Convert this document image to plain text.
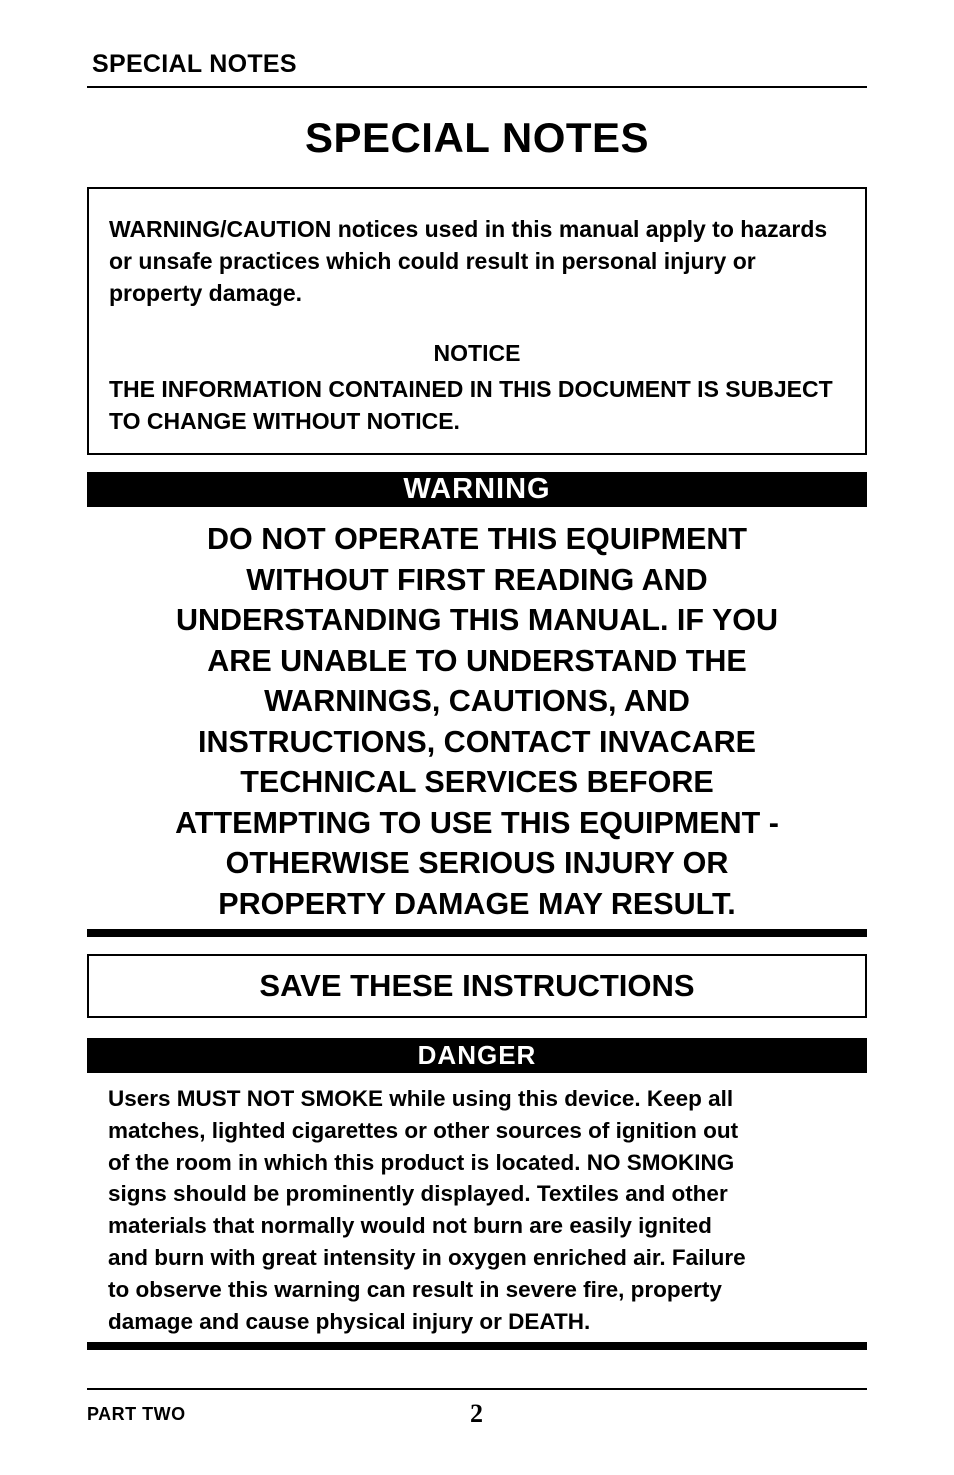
SPECIAL NOTES
SPECIAL NOTES
WARNING/CAUTION notices used in this manual apply to hazards or unsafe practices which could result in personal injury or property damage.
NOTICE
THE INFORMATION CONTAINED IN THIS DOCUMENT IS SUBJECT TO CHANGE WITHOUT NOTICE.
WARNING
DO NOT OPERATE THIS EQUIPMENT
WITHOUT FIRST READING AND
UNDERSTANDING THIS MANUAL. IF YOU
ARE UNABLE TO UNDERSTAND THE
WARNINGS, CAUTIONS, AND
INSTRUCTIONS, CONTACT INVACARE
TECHNICAL SERVICES BEFORE
ATTEMPTING TO USE THIS EQUIPMENT -
OTHERWISE SERIOUS INJURY OR
PROPERTY DAMAGE MAY RESULT.
SAVE THESE INSTRUCTIONS
DANGER
Users MUST NOT SMOKE while using this device. Keep all
matches, lighted cigarettes or other sources of ignition out
of the room in which this product is located. NO SMOKING
signs should be prominently displayed. Textiles and other
materials that normally would not burn are easily ignited
and burn with great intensity in oxygen enriched air. Failure
to observe this warning can result in severe fire, property
damage and cause physical injury or DEATH.
PART TWO	2
